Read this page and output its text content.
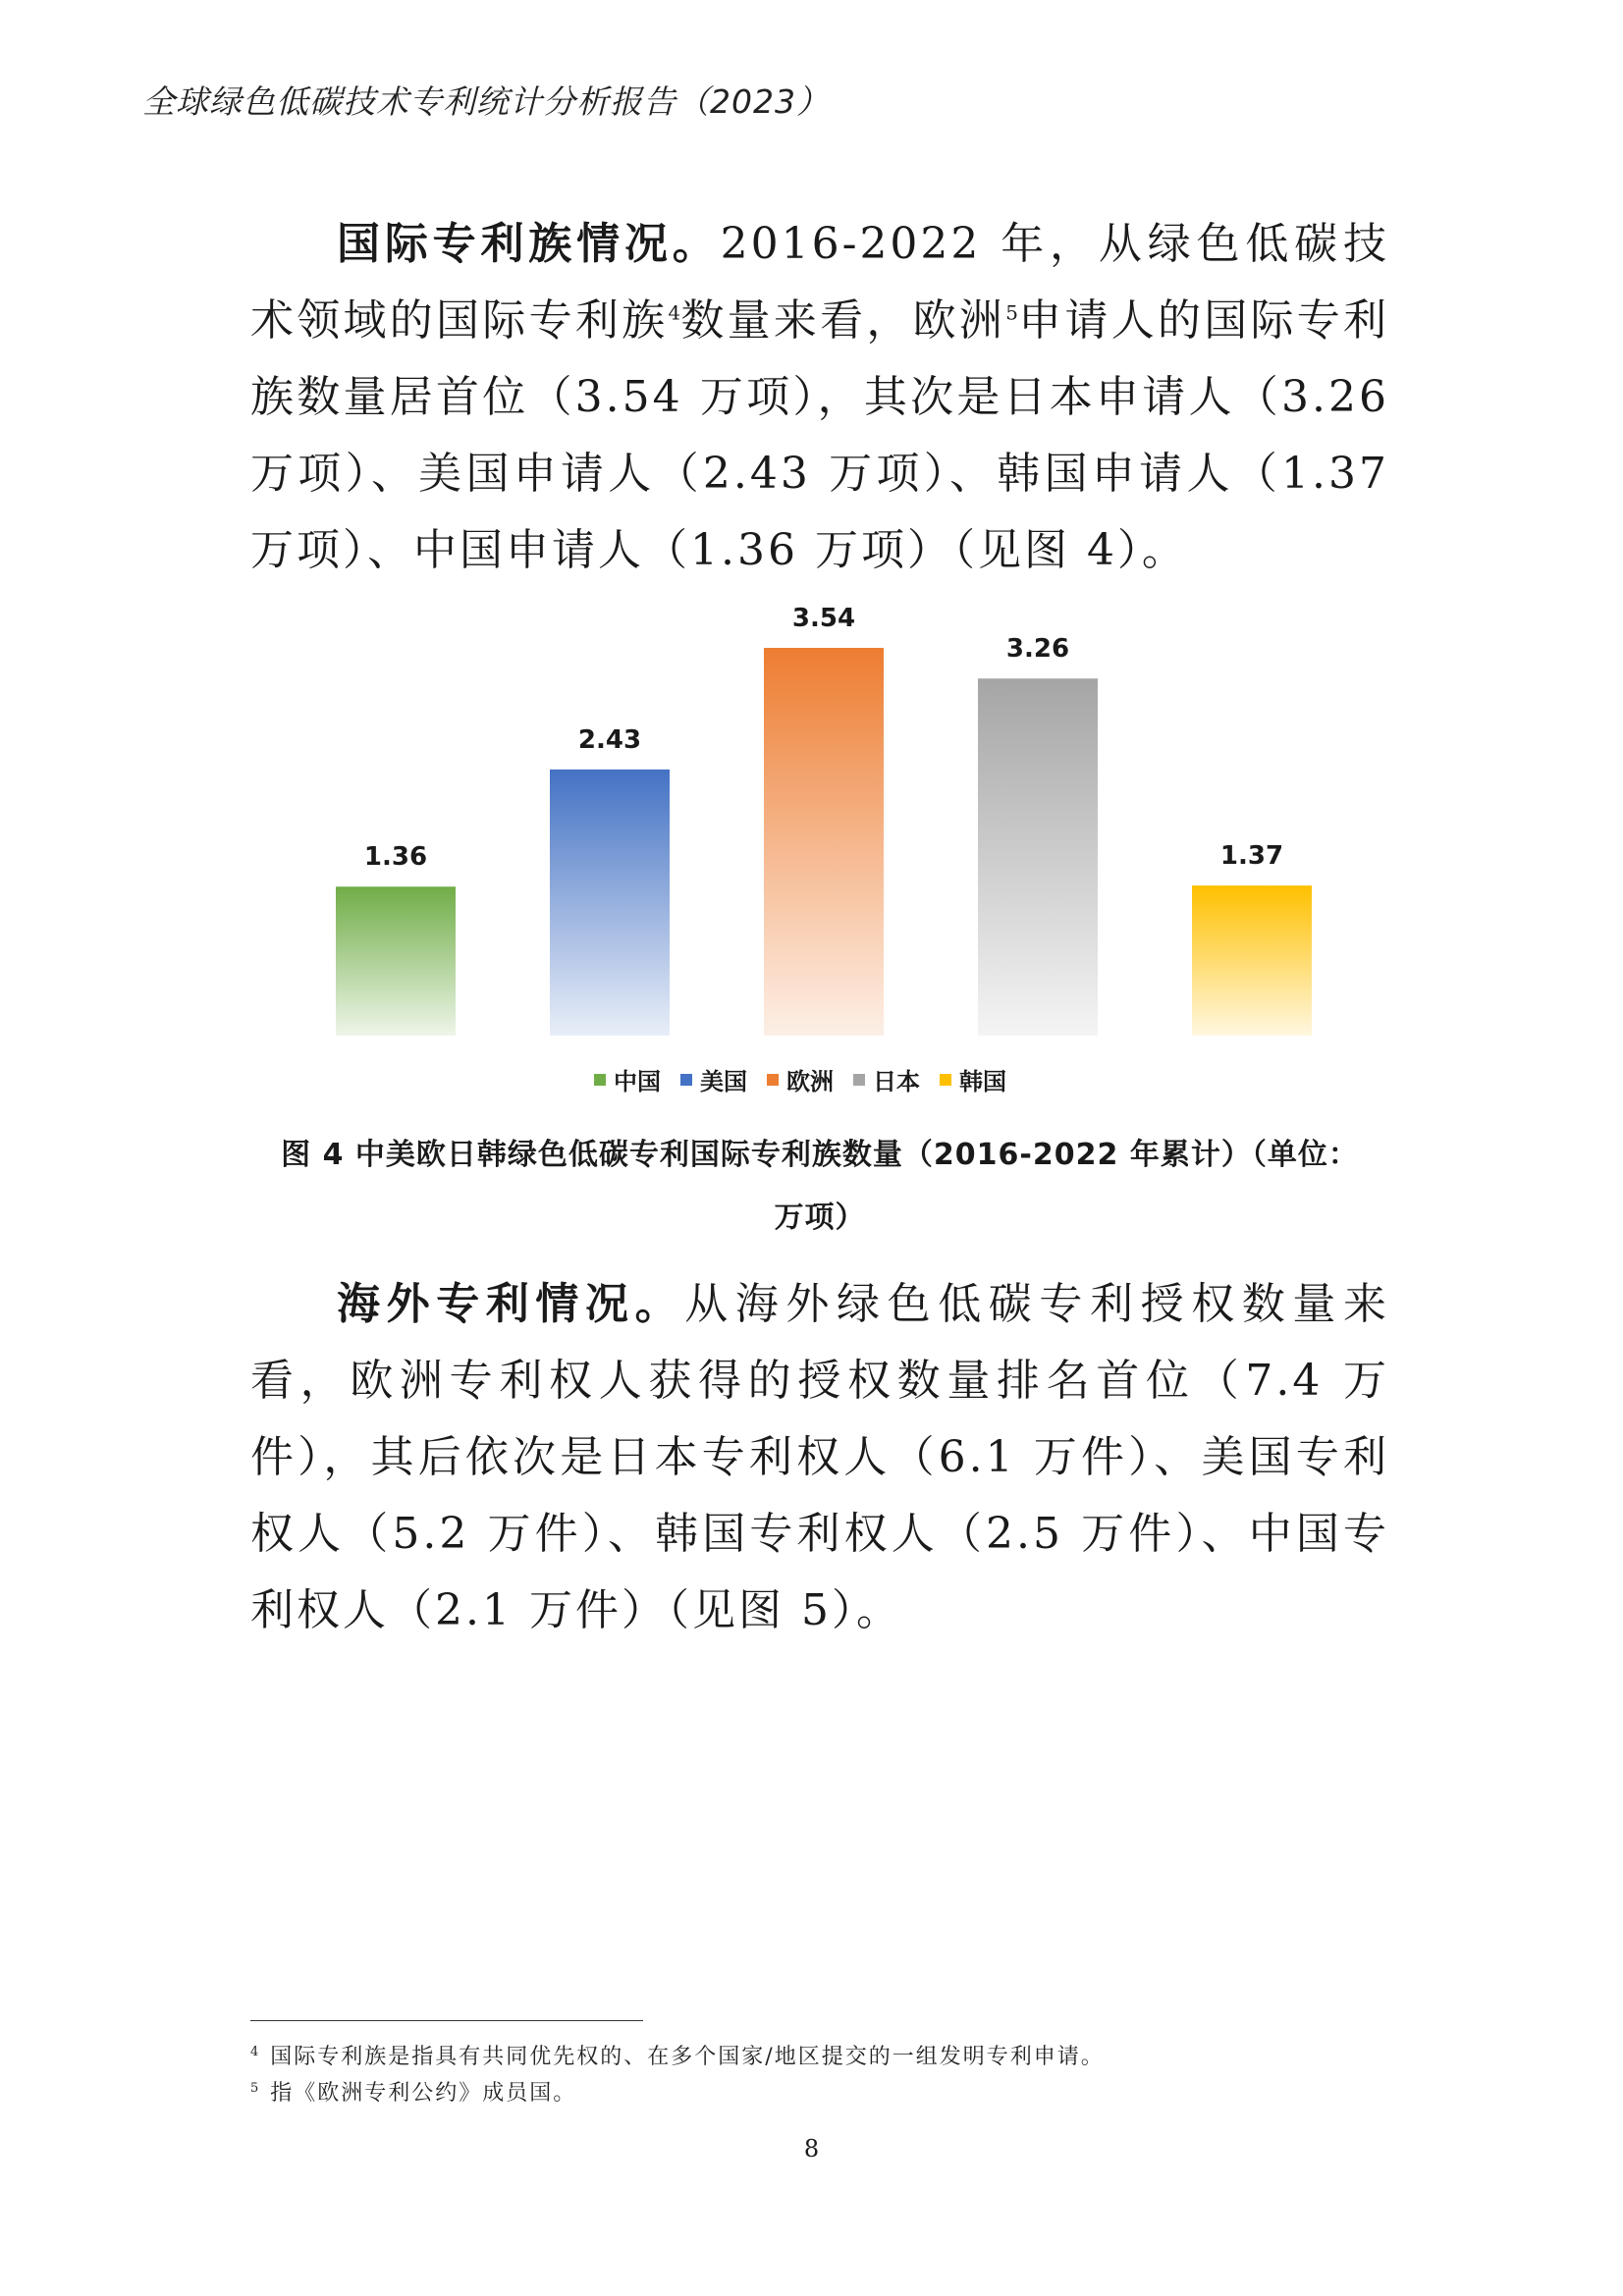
全球绿色低碳技术专利统计分析报告（2023）

国际专利族情况。2016-2022 年，从绿色低碳技术领域的国际专利族$^4$数量来看，欧洲$^5$申请人的国际专利族数量居首位（3.54 万项），其次是日本申请人（3.26 万项）、美国申请人（2.43 万项）、韩国申请人（1.37 万项）、中国申请人（1.36 万项）（见图 4）。

1.36
2.43
3.54
3.26
1.37
中国 美国 欧洲 日本 韩国
图 4 中美欧日韩绿色低碳专利国际专利族数量（2016-2022 年累计）（单位：
万项）

海外专利情况。从海外绿色低碳专利授权数量来看，欧洲专利权人获得的授权数量排名首位（7.4 万件），其后依次是日本专利权人（6.1 万件）、美国专利权人（5.2 万件）、韩国专利权人（2.5 万件）、中国专利权人（2.1 万件）（见图 5）。

$^4$ 国际专利族是指具有共同优先权的、在多个国家/地区提交的一组发明专利申请。
$^5$ 指《欧洲专利公约》成员国。
8
